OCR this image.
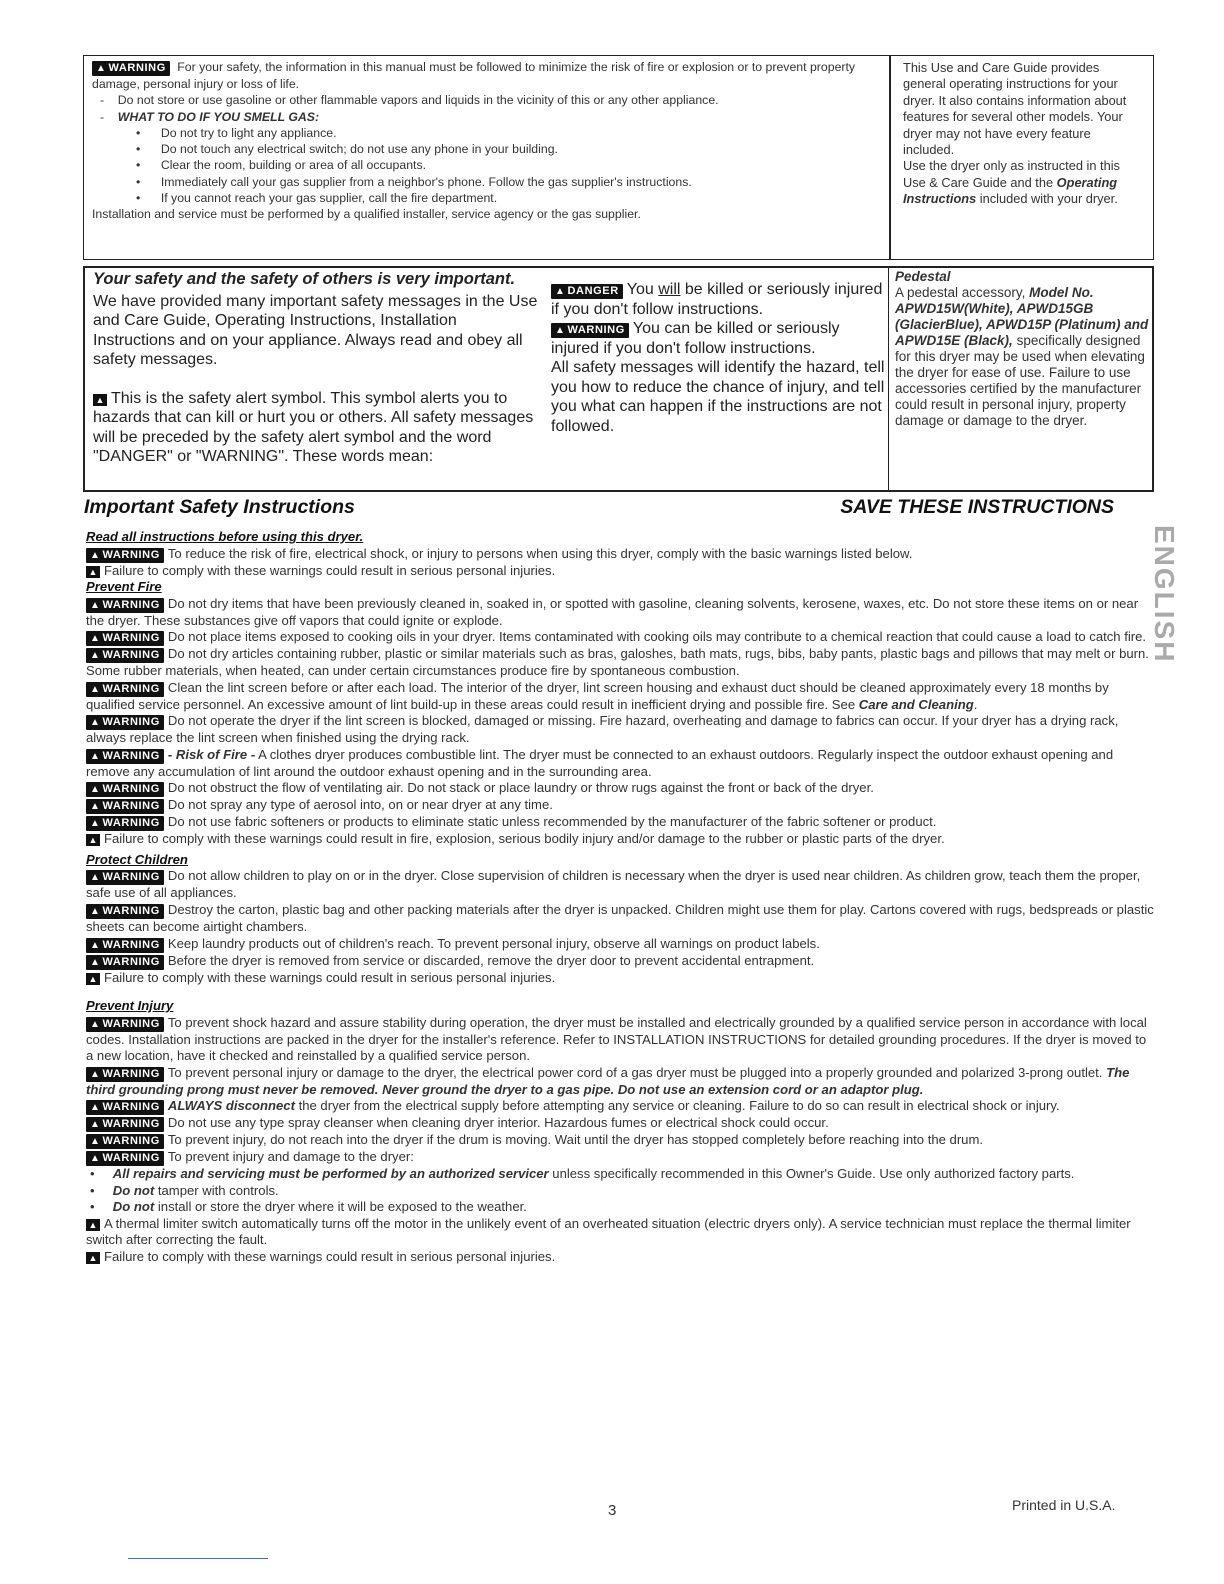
▲ WARNING For your safety, the information in this manual must be followed to minimize the risk of fire or explosion or to prevent property damage, personal injury or loss of life.
-    Do not store or use gasoline or other flammable vapors and liquids in the vicinity of this or any other appliance.
-    WHAT TO DO IF YOU SMELL GAS:
•      Do not try to light any appliance.
•      Do not touch any electrical switch; do not use any phone in your building.
•      Clear the room, building or area of all occupants.
•      Immediately call your gas supplier from a neighbor's phone. Follow the gas supplier's instructions.
•      If you cannot reach your gas supplier, call the fire department.
Installation and service must be performed by a qualified installer, service agency or the gas supplier.
This Use and Care Guide provides general operating instructions for your dryer. It also contains information about features for several other models. Your dryer may not have every feature included.
Use the dryer only as instructed in this Use & Care Guide and the Operating Instructions included with your dryer.
Your safety and the safety of others is very important.
We have provided many important safety messages in the Use and Care Guide, Operating Instructions, Installation Instructions and on your appliance. Always read and obey all safety messages.
▲ This is the safety alert symbol. This symbol alerts you to hazards that can kill or hurt you or others. All safety messages will be preceded by the safety alert symbol and the word "DANGER" or "WARNING". These words mean:
▲ DANGER You will be killed or seriously injured if you don't follow instructions.
▲ WARNING You can be killed or seriously injured if you don't follow instructions.
All safety messages will identify the hazard, tell you how to reduce the chance of injury, and tell you what can happen if the instructions are not followed.
Pedestal
A pedestal accessory, Model No. APWD15W(White), APWD15GB (GlacierBlue), APWD15P (Platinum) and APWD15E (Black), specifically designed for this dryer may be used when elevating the dryer for ease of use. Failure to use accessories certified by the manufacturer could result in personal injury, property damage or damage to the dryer.
Important Safety Instructions	SAVE THESE INSTRUCTIONS
ENGLISH

Read all instructions before using this dryer.

▲ WARNING To reduce the risk of fire, electrical shock, or injury to persons when using this dryer, comply with the basic warnings listed below.

▲ Failure to comply with these warnings could result in serious personal injuries.

Prevent Fire

▲ WARNING Do not dry items that have been previously cleaned in, soaked in, or spotted with gasoline, cleaning solvents, kerosene, waxes, etc. Do not store these items on or near the dryer. These substances give off vapors that could ignite or explode.

▲ WARNING Do not place items exposed to cooking oils in your dryer. Items contaminated with cooking oils may contribute to a chemical reaction that could cause a load to catch fire.

▲ WARNING Do not dry articles containing rubber, plastic or similar materials such as bras, galoshes, bath mats, rugs, bibs, baby pants, plastic bags and pillows that may melt or burn. Some rubber materials, when heated, can under certain circumstances produce fire by spontaneous combustion.

▲ WARNING Clean the lint screen before or after each load. The interior of the dryer, lint screen housing and exhaust duct should be cleaned approximately every 18 months by qualified service personnel. An excessive amount of lint build-up in these areas could result in inefficient drying and possible fire. See Care and Cleaning.

▲ WARNING Do not operate the dryer if the lint screen is blocked, damaged or missing. Fire hazard, overheating and damage to fabrics can occur. If your dryer has a drying rack, always replace the lint screen when finished using the drying rack.

▲ WARNING - Risk of Fire - A clothes dryer produces combustible lint. The dryer must be connected to an exhaust outdoors. Regularly inspect the outdoor exhaust opening and remove any accumulation of lint around the outdoor exhaust opening and in the surrounding area.

▲ WARNING Do not obstruct the flow of ventilating air. Do not stack or place laundry or throw rugs against the front or back of the dryer.

▲ WARNING Do not spray any type of aerosol into, on or near dryer at any time.

▲ WARNING Do not use fabric softeners or products to eliminate static unless recommended by the manufacturer of the fabric softener or product.

▲ Failure to comply with these warnings could result in fire, explosion, serious bodily injury and/or damage to the rubber or plastic parts of the dryer.

Protect Children

▲ WARNING Do not allow children to play on or in the dryer. Close supervision of children is necessary when the dryer is used near children. As children grow, teach them the proper, safe use of all appliances.

▲ WARNING Destroy the carton, plastic bag and other packing materials after the dryer is unpacked. Children might use them for play. Cartons covered with rugs, bedspreads or plastic sheets can become airtight chambers.

▲ WARNING Keep laundry products out of children's reach. To prevent personal injury, observe all warnings on product labels.

▲ WARNING Before the dryer is removed from service or discarded, remove the dryer door to prevent accidental entrapment.

▲ Failure to comply with these warnings could result in serious personal injuries.

Prevent Injury

▲ WARNING To prevent shock hazard and assure stability during operation, the dryer must be installed and electrically grounded by a qualified service person in accordance with local codes. Installation instructions are packed in the dryer for the installer's reference. Refer to INSTALLATION INSTRUCTIONS for detailed grounding procedures. If the dryer is moved to a new location, have it checked and reinstalled by a qualified service person.

▲ WARNING To prevent personal injury or damage to the dryer, the electrical power cord of a gas dryer must be plugged into a properly grounded and polarized 3-prong outlet. The third grounding prong must never be removed. Never ground the dryer to a gas pipe. Do not use an extension cord or an adaptor plug.

▲ WARNING ALWAYS disconnect the dryer from the electrical supply before attempting any service or cleaning. Failure to do so can result in electrical shock or injury.

▲ WARNING Do not use any type spray cleanser when cleaning dryer interior. Hazardous fumes or electrical shock could occur.

▲ WARNING To prevent injury, do not reach into the dryer if the drum is moving. Wait until the dryer has stopped completely before reaching into the drum.

▲ WARNING To prevent injury and damage to the dryer:

•     All repairs and servicing must be performed by an authorized servicer unless specifically recommended in this Owner's Guide. Use only authorized factory parts.

•     Do not tamper with controls.

•     Do not install or store the dryer where it will be exposed to the weather.

▲ A thermal limiter switch automatically turns off the motor in the unlikely event of an overheated situation (electric dryers only). A service technician must replace the thermal limiter switch after correcting the fault.

▲ Failure to comply with these warnings could result in serious personal injuries.

3	Printed in U.S.A.
